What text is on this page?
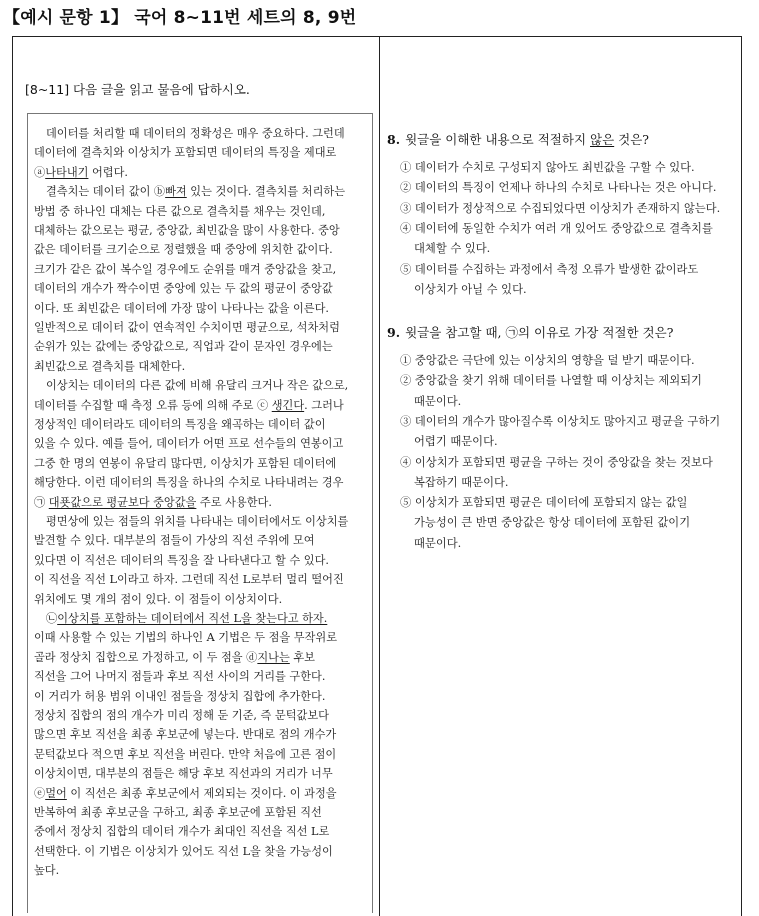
【예시 문항 1】 국어 8~11번 세트의 8, 9번
[8~11] 다음 글을 읽고 물음에 답하시오.
데이터를 처리할 때 데이터의 정확성은 매우 중요하다. 그런데
데이터에 결측치와 이상치가 포함되면 데이터의 특징을 제대로
ⓐ나타내기 어렵다.
결측치는 데이터 값이 ⓑ빠져 있는 것이다. 결측치를 처리하는
방법 중 하나인 대체는 다른 값으로 결측치를 채우는 것인데,
대체하는 값으로는 평균, 중앙값, 최빈값을 많이 사용한다. 중앙
값은 데이터를 크기순으로 정렬했을 때 중앙에 위치한 값이다.
크기가 같은 값이 복수일 경우에도 순위를 매겨 중앙값을 찾고,
데이터의 개수가 짝수이면 중앙에 있는 두 값의 평균이 중앙값
이다. 또 최빈값은 데이터에 가장 많이 나타나는 값을 이른다.
일반적으로 데이터 값이 연속적인 수치이면 평균으로, 석차처럼
순위가 있는 값에는 중앙값으로, 직업과 같이 문자인 경우에는
최빈값으로 결측치를 대체한다.
이상치는 데이터의 다른 값에 비해 유달리 크거나 작은 값으로,
데이터를 수집할 때 측정 오류 등에 의해 주로 ⓒ 생긴다. 그러나
정상적인 데이터라도 데이터의 특징을 왜곡하는 데이터 값이
있을 수 있다. 예를 들어, 데이터가 어떤 프로 선수들의 연봉이고
그중 한 명의 연봉이 유달리 많다면, 이상치가 포함된 데이터에
해당한다. 이런 데이터의 특징을 하나의 수치로 나타내려는 경우
㉠ 대푯값으로 평균보다 중앙값을 주로 사용한다.
평면상에 있는 점들의 위치를 나타내는 데이터에서도 이상치를
발견할 수 있다. 대부분의 점들이 가상의 직선 주위에 모여
있다면 이 직선은 데이터의 특징을 잘 나타낸다고 할 수 있다.
이 직선을 직선 L이라고 하자. 그런데 직선 L로부터 멀리 떨어진
위치에도 몇 개의 점이 있다. 이 점들이 이상치이다.
㉡이상치를 포함하는 데이터에서 직선 L을 찾는다고 하자.
이때 사용할 수 있는 기법의 하나인 A 기법은 두 점을 무작위로
골라 정상치 집합으로 가정하고, 이 두 점을 ⓓ지나는 후보
직선을 그어 나머지 점들과 후보 직선 사이의 거리를 구한다.
이 거리가 허용 범위 이내인 점들을 정상치 집합에 추가한다.
정상치 집합의 점의 개수가 미리 정해 둔 기준, 즉 문턱값보다
많으면 후보 직선을 최종 후보군에 넣는다. 반대로 점의 개수가
문턱값보다 적으면 후보 직선을 버린다. 만약 처음에 고른 점이
이상치이면, 대부분의 점들은 해당 후보 직선과의 거리가 너무
ⓔ멀어 이 직선은 최종 후보군에서 제외되는 것이다. 이 과정을
반복하여 최종 후보군을 구하고, 최종 후보군에 포함된 직선
중에서 정상치 집합의 데이터 개수가 최대인 직선을 직선 L로
선택한다. 이 기법은 이상치가 있어도 직선 L을 찾을 가능성이
높다.
8. 윗글을 이해한 내용으로 적절하지 않은 것은?
① 데이터가 수치로 구성되지 않아도 최빈값을 구할 수 있다.
② 데이터의 특징이 언제나 하나의 수치로 나타나는 것은 아니다.
③ 데이터가 정상적으로 수집되었다면 이상치가 존재하지 않는다.
④ 데이터에 동일한 수치가 여러 개 있어도 중앙값으로 결측치를
대체할 수 있다.
⑤ 데이터를 수집하는 과정에서 측정 오류가 발생한 값이라도
이상치가 아닐 수 있다.
9. 윗글을 참고할 때, ㉠의 이유로 가장 적절한 것은?
① 중앙값은 극단에 있는 이상치의 영향을 덜 받기 때문이다.
② 중앙값을 찾기 위해 데이터를 나열할 때 이상치는 제외되기
때문이다.
③ 데이터의 개수가 많아질수록 이상치도 많아지고 평균을 구하기
어렵기 때문이다.
④ 이상치가 포함되면 평균을 구하는 것이 중앙값을 찾는 것보다
복잡하기 때문이다.
⑤ 이상치가 포함되면 평균은 데이터에 포함되지 않는 값일
가능성이 큰 반면 중앙값은 항상 데이터에 포함된 값이기
때문이다.
